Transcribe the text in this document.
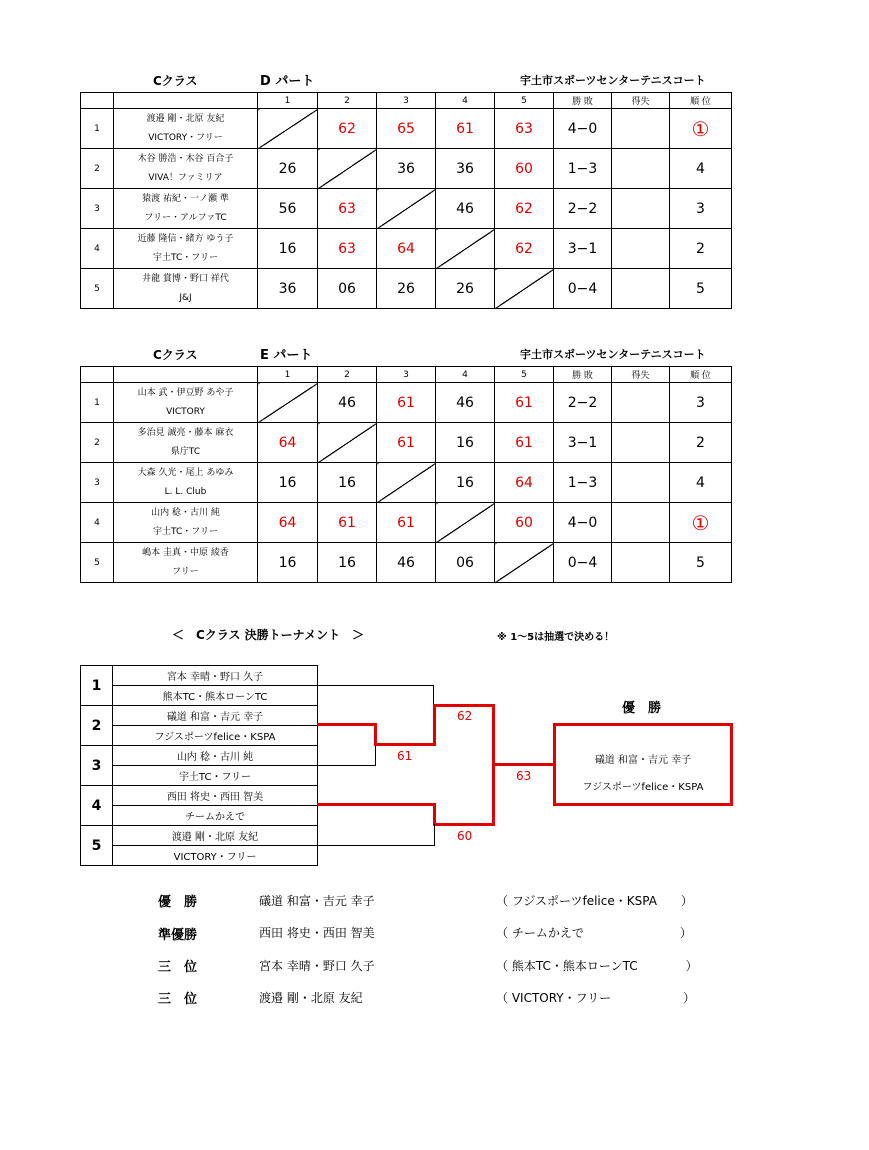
Cクラス	D パート	宇土市スポーツセンターテニスコート
		1	2	3	4	5	勝 敗	得失	順 位
1	渡邉 剛・北原 友紀
VICTORY・フリー		62	65	61	63	4−0		①
2	木谷 勝浩・木谷 百合子
VIVA！ファミリア	26		36	36	60	1−3		4
3	猿渡 祐紀・一ノ瀬 準
フリー・アルファTC	56	63		46	62	2−2		3
4	近藤 隆信・緒方 ゆう子
宇土TC・フリー	16	63	64		62	3−1		2
5	井龍 賞博・野口 祥代
J&J	36	06	26	26		0−4		5
Cクラス	E パート	宇土市スポーツセンターテニスコート
		1	2	3	4	5	勝 敗	得失	順 位
1	山本 武・伊豆野 あや子
VICTORY		46	61	46	61	2−2		3
2	多治見 誠亮・藤本 麻衣
県庁TC	64		61	16	61	3−1		2
3	大森 久光・尾上 あゆみ
L. L. Club	16	16		16	64	1−3		4
4	山内 稔・古川 純
宇土TC・フリー	64	61	61		60	4−0		①
5	嶋本 圭真・中原 綾香
フリー	16	16	46	06		0−4		5
＜　Cクラス 決勝トーナメント　＞	※ 1～5は抽選で決める！
1	宮本 幸晴・野口 久子
	熊本TC・熊本ローンTC
2	礒道 和富・吉元 幸子
	フジスポーツfelice・KSPA
3	山内 稔・古川 純
	宇土TC・フリー
4	西田 将史・西田 智美
	チームかえで
5	渡邉 剛・北原 友紀
	VICTORY・フリー
61
62
60
63
優　勝
礒道 和富・吉元 幸子
フジスポーツfelice・KSPA
優　勝	礒道 和富・吉元 幸子	（ フジスポーツfelice・KSPA　　）
準優勝	西田 将史・西田 智美	（ チームかえで　　　　　　　　）
三　位	宮本 幸晴・野口 久子	（ 熊本TC・熊本ローンTC　　　　）
三　位	渡邉 剛・北原 友紀	（ VICTORY・フリー　　　　　　）
